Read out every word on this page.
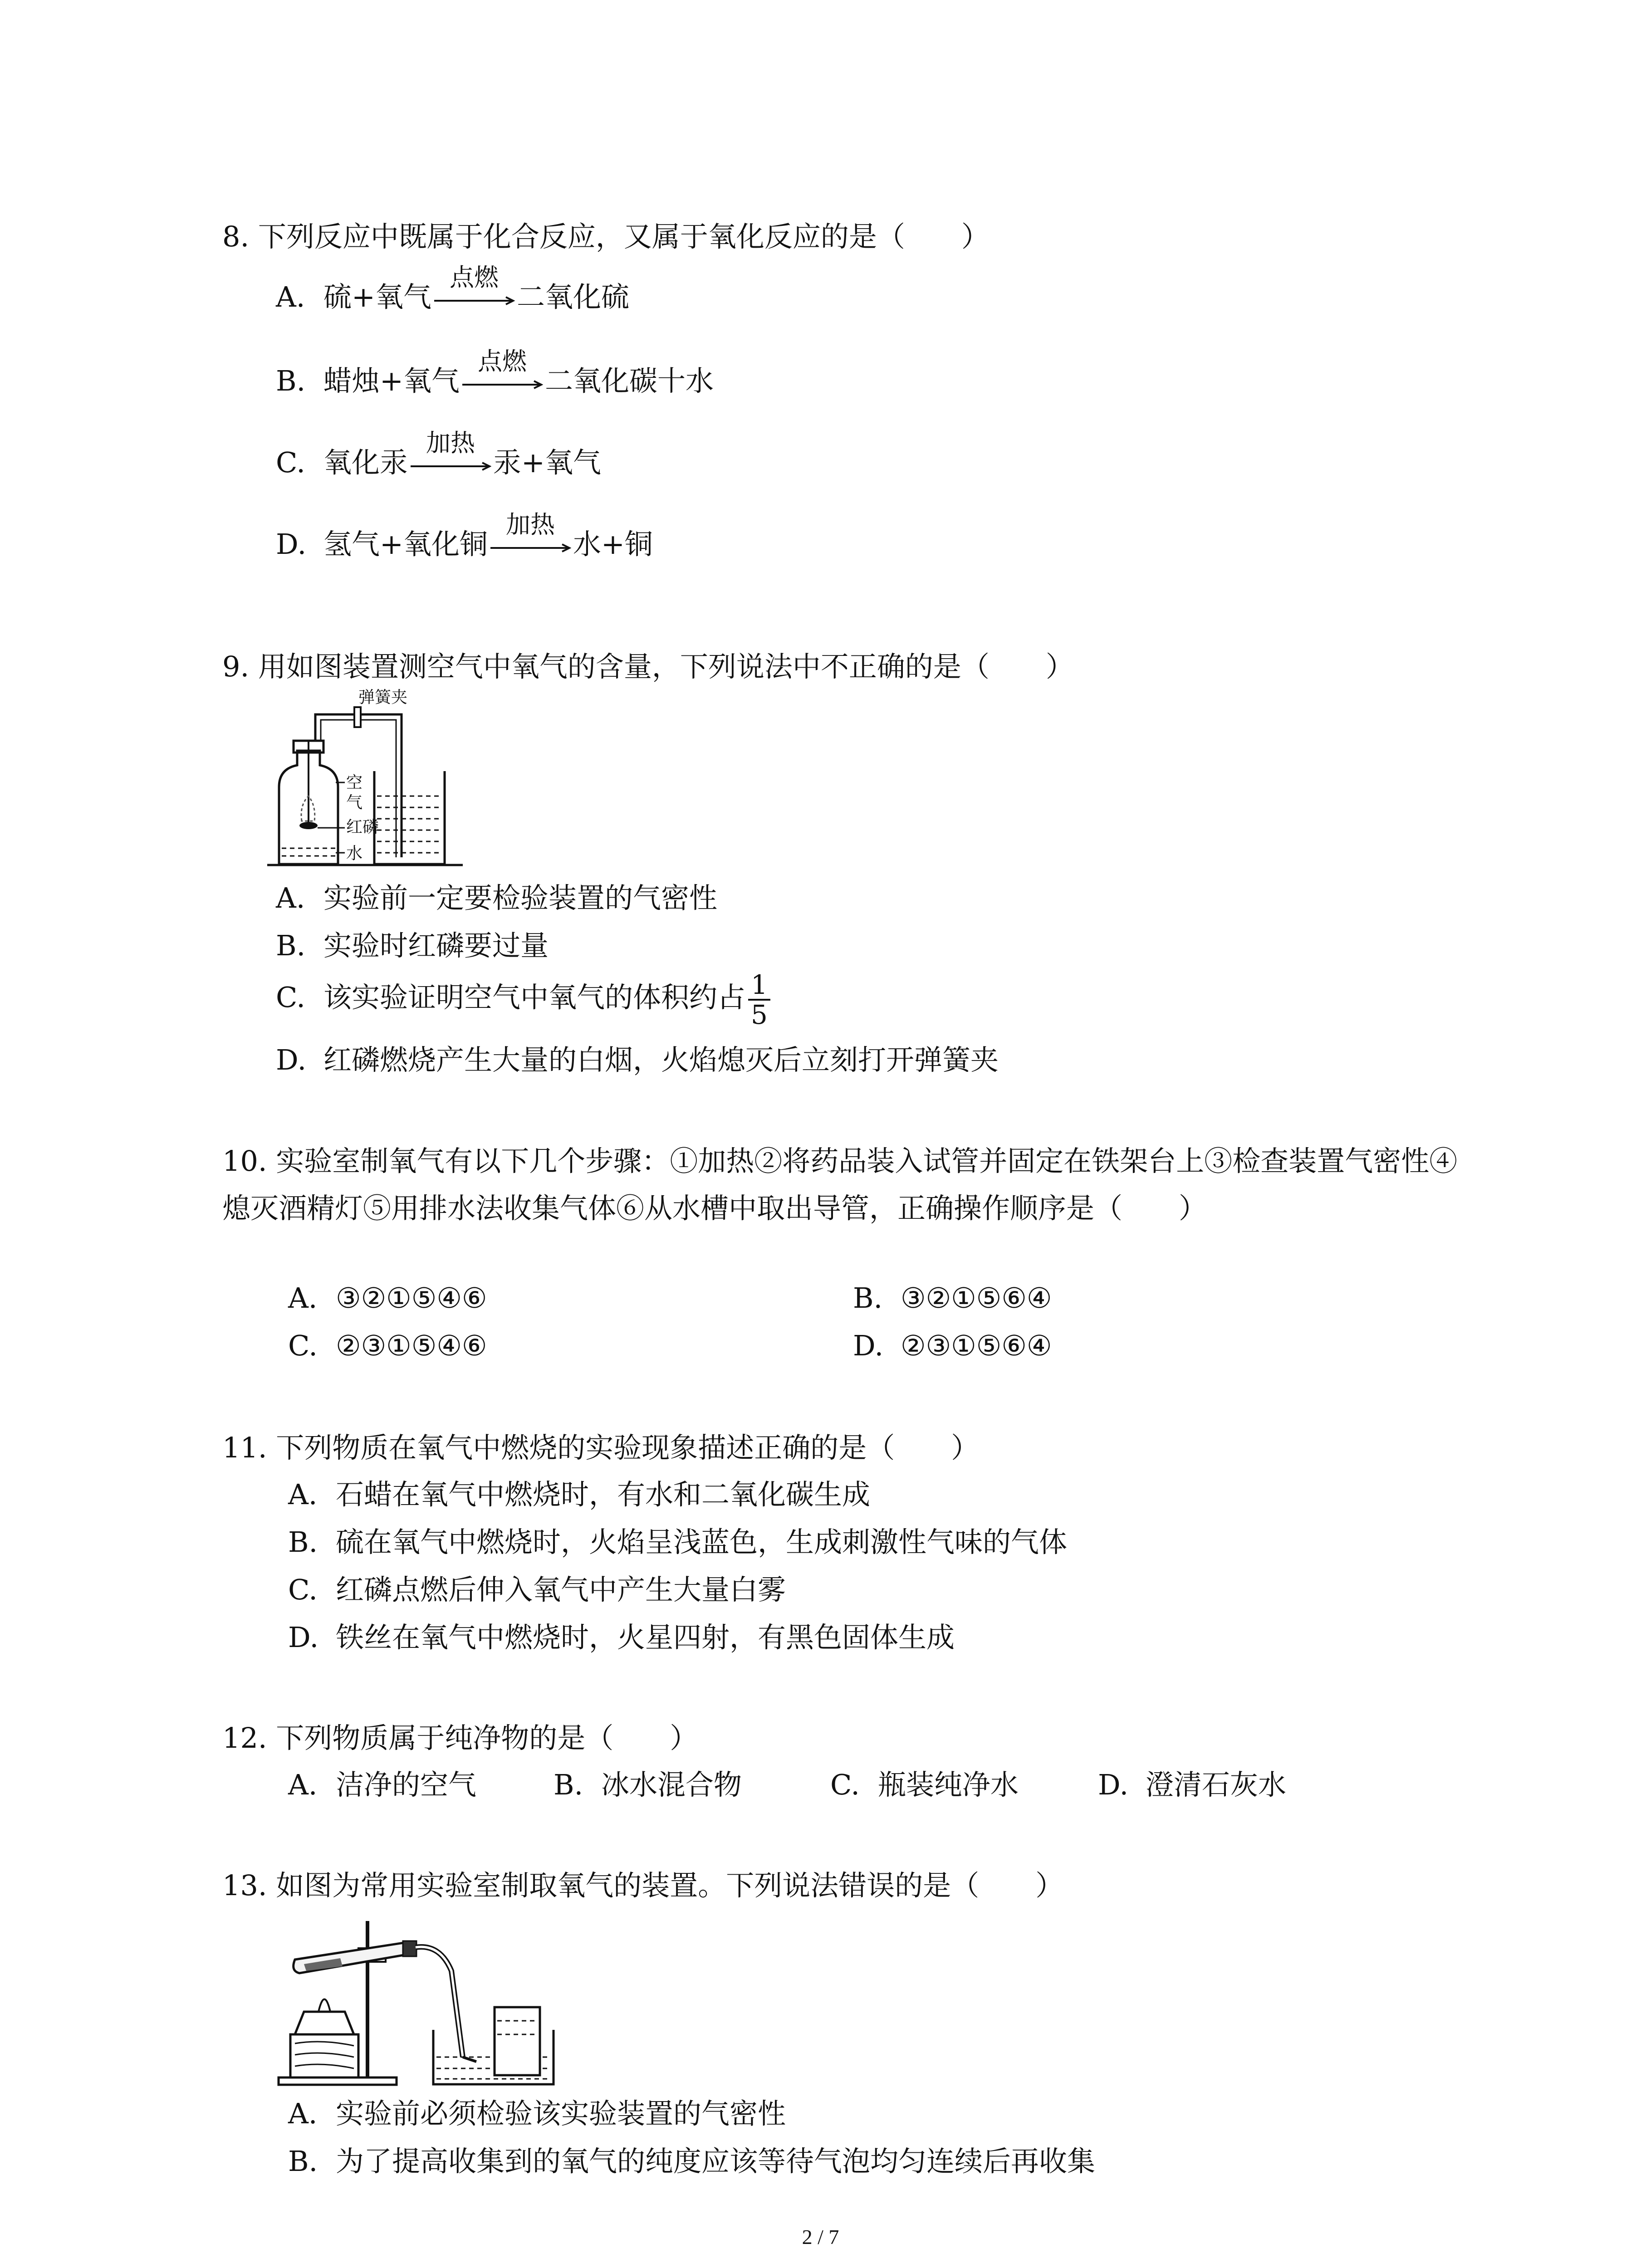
8. 下列反应中既属于化合反应，又属于氧化反应的是（　　）
A. 硫+氧气
点燃
二氧化硫
B. 蜡烛+氧气
点燃
二氧化碳十水
C. 氧化汞
加热
汞+氧气
D. 氢气+氧化铜
加热
水+铜
9. 用如图装置测空气中氧气的含量，下列说法中不正确的是（　　）
弹簧夹
空
气
红磷
水
A. 实验前一定要检验装置的气密性
B. 实验时红磷要过量
C. 该实验证明空气中氧气的体积约占 $\frac{1}{5}$
D. 红磷燃烧产生大量的白烟，火焰熄灭后立刻打开弹簧夹
10. 实验室制氧气有以下几个步骤：①加热②将药品装入试管并固定在铁架台上③检查装置气密性④熄灭酒精灯⑤用排水法收集气体⑥从水槽中取出导管，正确操作顺序是（　　）
A. ③②①⑤④⑥	B. ③②①⑤⑥④
C. ②③①⑤④⑥	D. ②③①⑤⑥④
11. 下列物质在氧气中燃烧的实验现象描述正确的是（　　）
A. 石蜡在氧气中燃烧时，有水和二氧化碳生成
B. 硫在氧气中燃烧时，火焰呈浅蓝色，生成刺激性气味的气体
C. 红磷点燃后伸入氧气中产生大量白雾
D. 铁丝在氧气中燃烧时，火星四射，有黑色固体生成
12. 下列物质属于纯净物的是（　　）
A. 洁净的空气	B. 冰水混合物	C. 瓶装纯净水	D. 澄清石灰水
13. 如图为常用实验室制取氧气的装置。下列说法错误的是（　　）
A. 实验前必须检验该实验装置的气密性
B. 为了提高收集到的氧气的纯度应该等待气泡均匀连续后再收集
2 / 7
